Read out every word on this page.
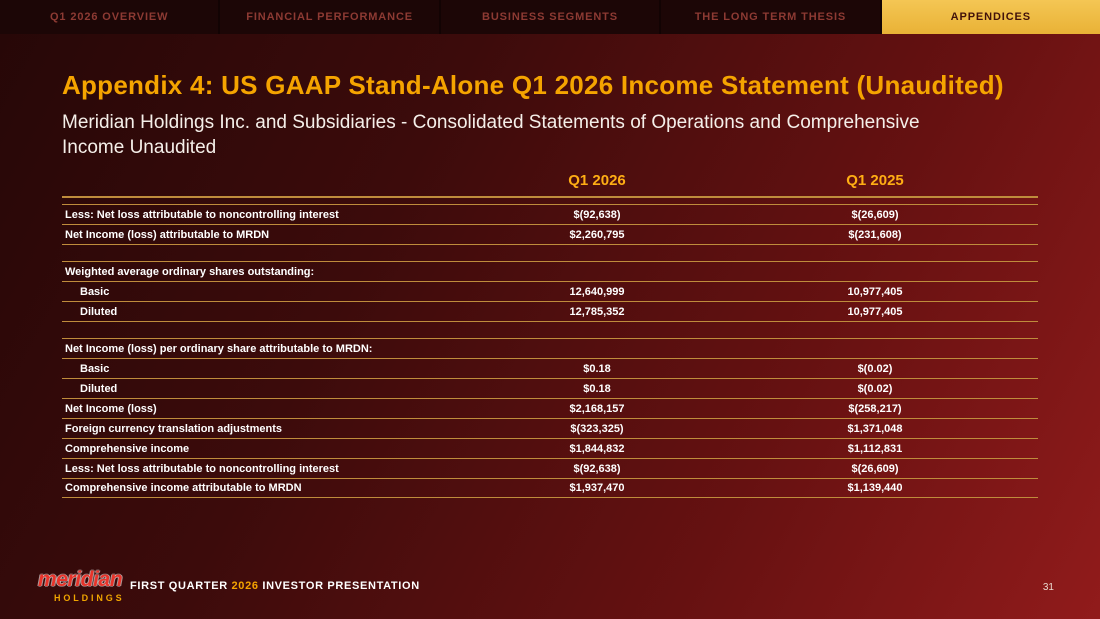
Q1 2026 OVERVIEW	FINANCIAL PERFORMANCE	BUSINESS SEGMENTS	THE LONG TERM THESIS	APPENDICES
Appendix 4: US GAAP Stand-Alone Q1 2026 Income Statement (Unaudited)
Meridian Holdings Inc. and Subsidiaries - Consolidated Statements of Operations and Comprehensive Income Unaudited
Q1 2026	Q1 2025
Less: Net loss attributable to noncontrolling interest	$(92,638)	$(26,609)
Net Income (loss) attributable to MRDN	$2,260,795	$(231,608)
Weighted average ordinary shares outstanding:
Basic	12,640,999	10,977,405
Diluted	12,785,352	10,977,405
Net Income (loss) per ordinary share attributable to MRDN:
Basic	$0.18	$(0.02)
Diluted	$0.18	$(0.02)
Net Income (loss)	$2,168,157	$(258,217)
Foreign currency translation adjustments	$(323,325)	$1,371,048
Comprehensive income	$1,844,832	$1,112,831
Less: Net loss attributable to noncontrolling interest	$(92,638)	$(26,609)
Comprehensive income attributable to MRDN	$1,937,470	$1,139,440
meridian
HOLDINGS
FIRST QUARTER 2026 INVESTOR PRESENTATION	31
